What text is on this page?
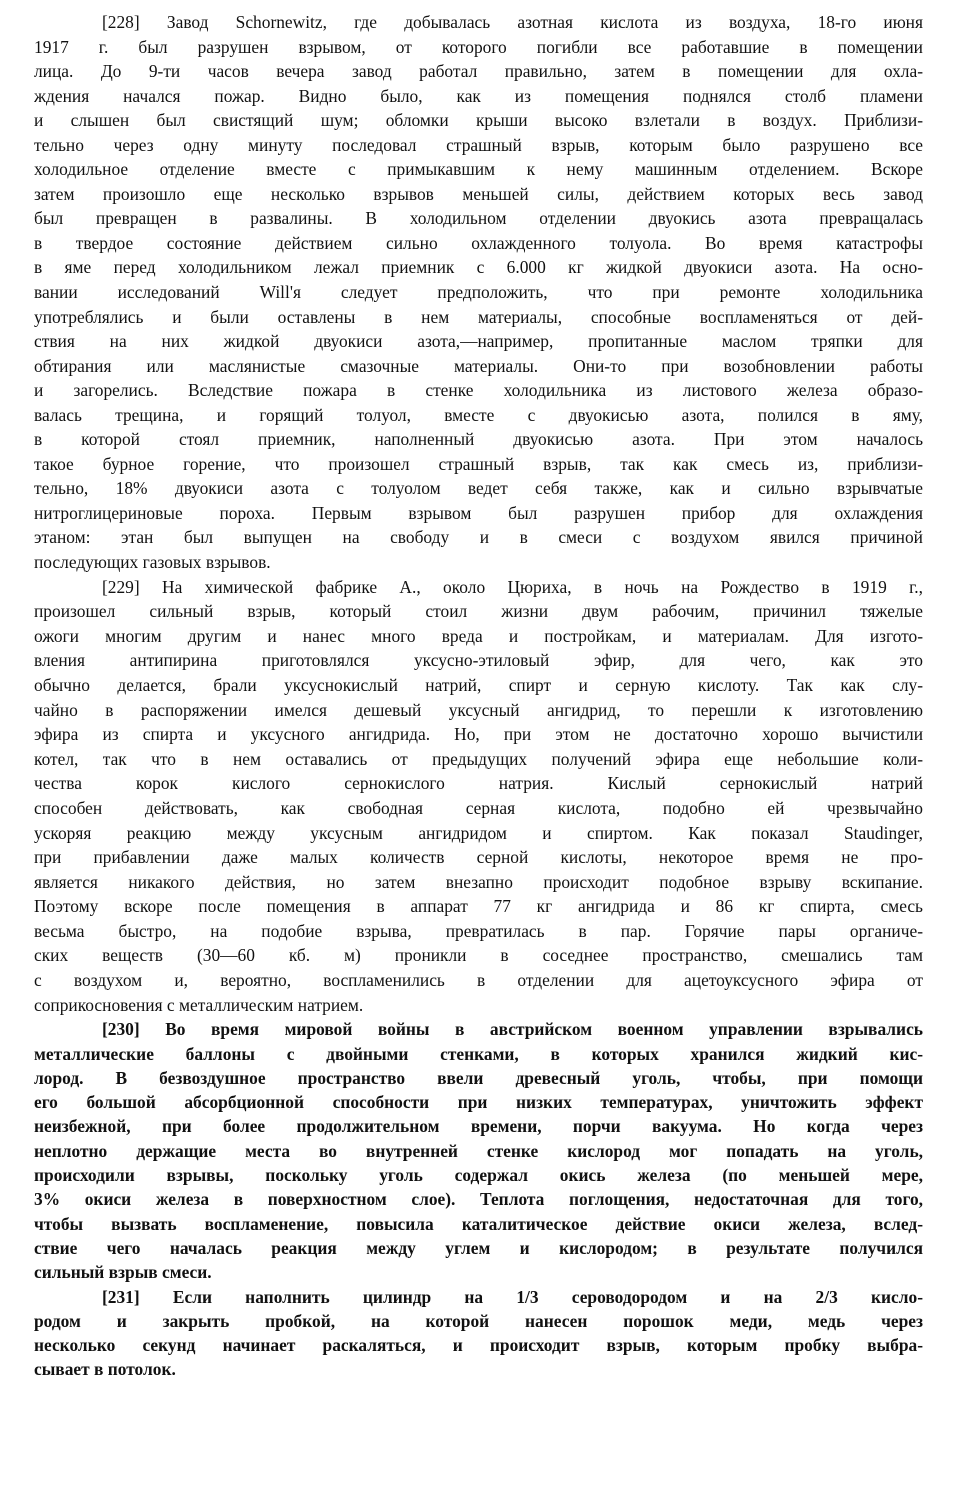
[228] Завод Schornewitz, где добывалась азотная кислота из воздуха, 18-го июня
1917 г. был разрушен взрывом, от которого погибли все работавшие в помещении
лица. До 9-ти часов вечера завод работал правильно, затем в помещении для охла-
ждения начался пожар. Видно было, как из помещения поднялся столб пламени
и слышен был свистящий шум; обломки крыши высоко взлетали в воздух. Приблизи-
тельно через одну минуту последовал страшный взрыв, которым было разрушено все
холодильное отделение вместе с примыкавшим к нему машинным отделением. Вскоре
затем произошло еще несколько взрывов меньшей силы, действием которых весь завод
был превращен в развалины. В холодильном отделении двуокись азота превращалась
в твердое состояние действием сильно охлажденного толуола. Во время катастрофы
в яме перед холодильником лежал приемник с 6.000 кг жидкой двуокиси азота. На осно-
вании исследований Will'я следует предположить, что при ремонте холодильника
употреблялись и были оставлены в нем материалы, способные воспламеняться от дей-
ствия на них жидкой двуокиси азота,—например, пропитанные маслом тряпки для
обтирания или маслянистые смазочные материалы. Они-то при возобновлении работы
и загорелись. Вследствие пожара в стенке холодильника из листового железа образо-
валась трещина, и горящий толуол, вместе с двуокисью азота, полился в яму,
в которой стоял приемник, наполненный двуокисью азота. При этом началось
такое бурное горение, что произошел страшный взрыв, так как смесь из, приблизи-
тельно, 18% двуокиси азота с толуолом ведет себя также, как и сильно взрывчатые
нитроглицериновые пороха. Первым взрывом был разрушен прибор для охлаждения
этаном: этан был выпущен на свободу и в смеси с воздухом явился причиной
последующих газовых взрывов.
[229] На химической фабрике А., около Цюриха, в ночь на Рождество в 1919 г.,
произошел сильный взрыв, который стоил жизни двум рабочим, причинил тяжелые
ожоги многим другим и нанес много вреда и постройкам, и материалам. Для изгото-
вления антипирина приготовлялся уксусно-этиловый эфир, для чего, как это
обычно делается, брали уксуснокислый натрий, спирт и серную кислоту. Так как слу-
чайно в распоряжении имелся дешевый уксусный ангидрид, то перешли к изготовлению
эфира из спирта и уксусного ангидрида. Но, при этом не достаточно хорошо вычистили
котел, так что в нем оставались от предыдущих получений эфира еще небольшие коли-
чества корок кислого сернокислого натрия. Кислый сернокислый натрий
способен действовать, как свободная серная кислота, подобно ей чрезвычайно
ускоряя реакцию между уксусным ангидридом и спиртом. Как показал Staudinger,
при прибавлении даже малых количеств серной кислоты, некоторое время не про-
является никакого действия, но затем внезапно происходит подобное взрыву вскипание.
Поэтому вскоре после помещения в аппарат 77 кг ангидрида и 86 кг спирта, смесь
весьма быстро, на подобие взрыва, превратилась в пар. Горячие пары органиче-
ских веществ (30—60 кб. м) проникли в соседнее пространство, смешались там
с воздухом и, вероятно, воспламенились в отделении для ацетоуксусного эфира от
соприкосновения с металлическим натрием.
[230] Во время мировой войны в австрийском военном управлении взрывались
металлические баллоны с двойными стенками, в которых хранился жидкий кис-
лород. В безвоздушное пространство ввели древесный уголь, чтобы, при помощи
его большой абсорбционной способности при низких температурах, уничтожить эффект
неизбежной, при более продолжительном времени, порчи вакуума. Но когда через
неплотно держащие места во внутренней стенке кислород мог попадать на уголь,
происходили взрывы, поскольку уголь содержал окись железа (по меньшей мере,
3% окиси железа в поверхностном слое). Теплота поглощения, недостаточная для того,
чтобы вызвать воспламенение, повысила каталитическое действие окиси железа, вслед-
ствие чего началась реакция между углем и кислородом; в результате получился
сильный взрыв смеси.
[231] Если наполнить цилиндр на 1/3 сероводородом и на 2/3 кисло-
родом и закрыть пробкой, на которой нанесен порошок меди, медь через
несколько секунд начинает раскаляться, и происходит взрыв, которым пробку выбра-
сывает в потолок.
